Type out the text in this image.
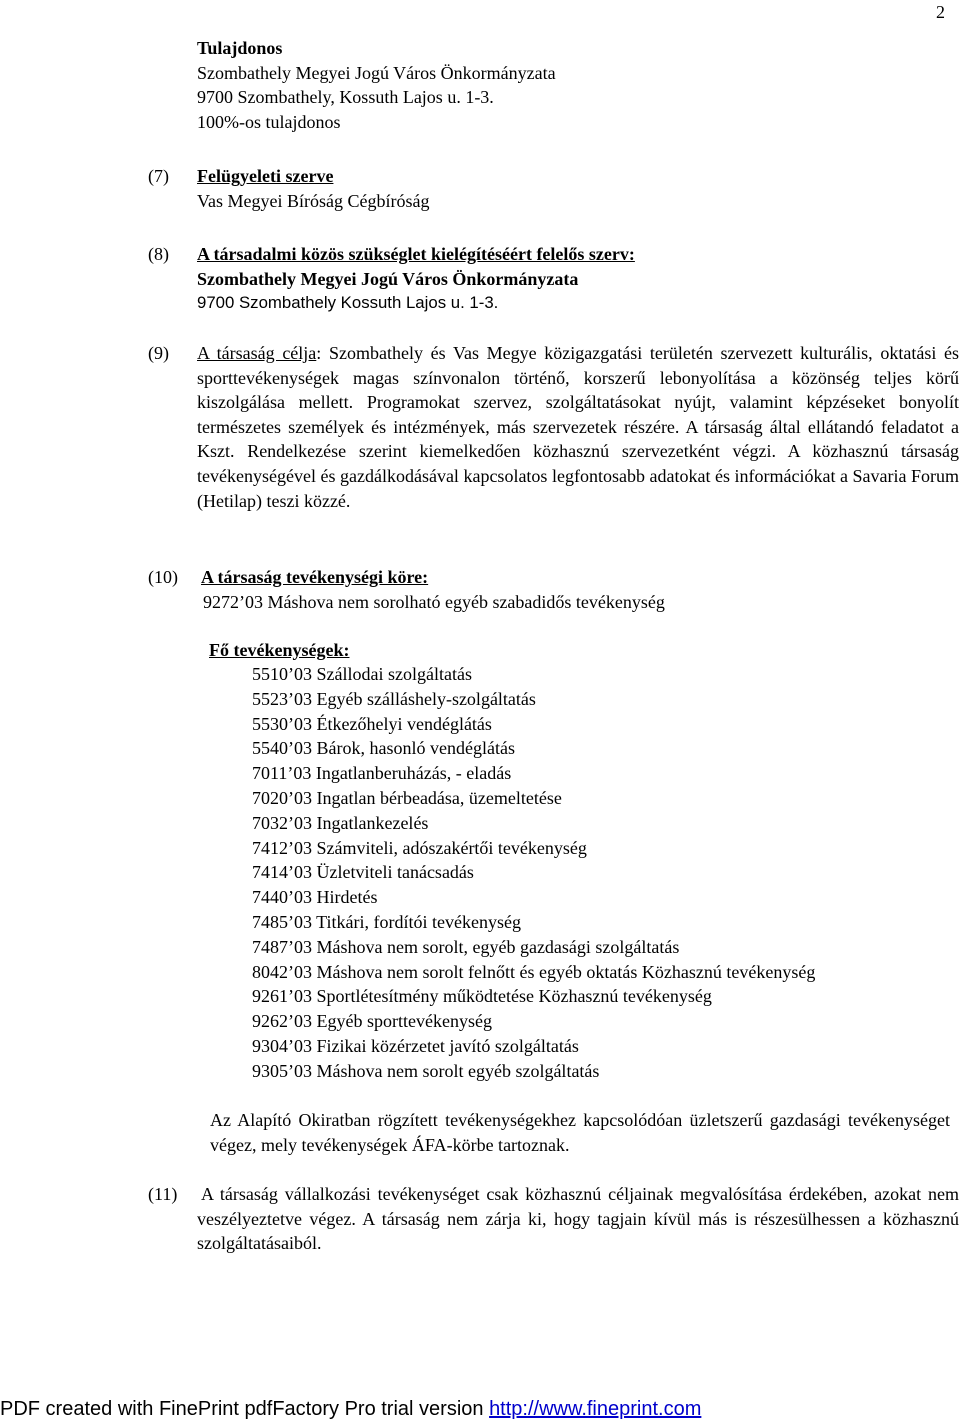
2
Tulajdonos
Szombathely Megyei Jogú Város Önkormányzata
9700 Szombathely, Kossuth Lajos u. 1-3.
100%-os tulajdonos
(7) Felügyeleti szerve
Vas Megyei Bíróság Cégbíróság
(8) A társadalmi közös szükséglet kielégítéséért felelős szerv:
Szombathely Megyei Jogú Város Önkormányzata
9700 Szombathely Kossuth Lajos u. 1-3.
(9) A társaság célja: Szombathely és Vas Megye közigazgatási területén szervezett kulturális, oktatási és sporttevékenységek magas színvonalon történő, korszerű lebonyolítása a közönség teljes körű kiszolgálása mellett. Programokat szervez, szolgáltatásokat nyújt, valamint képzéseket bonyolít természetes személyek és intézmények, más szervezetek részére. A társaság által ellátandó feladatot a Kszt. Rendelkezése szerint kiemelkedően közhasznú szervezetként végzi. A közhasznú társaság tevékenységével és gazdálkodásával kapcsolatos legfontosabb adatokat és információkat a Savaria Forum (Hetilap) teszi közzé.

(10) A társaság tevékenységi köre:
9272’03 Máshova nem sorolható egyéb szabadidős tevékenység
Fő tevékenységek:
5510’03 Szállodai szolgáltatás
5523’03 Egyéb szálláshely-szolgáltatás
5530’03 Étkezőhelyi vendéglátás
5540’03 Bárok, hasonló vendéglátás
7011’03 Ingatlanberuházás, - eladás
7020’03 Ingatlan bérbeadása, üzemeltetése
7032’03 Ingatlankezelés
7412’03 Számviteli, adószakértői tevékenység
7414’03 Üzletviteli tanácsadás
7440’03 Hirdetés
7485’03 Titkári, fordítói tevékenység
7487’03 Máshova nem sorolt, egyéb gazdasági szolgáltatás
8042’03 Máshova nem sorolt felnőtt és egyéb oktatás Közhasznú tevékenység
9261’03 Sportlétesítmény működtetése Közhasznú tevékenység
9262’03 Egyéb sporttevékenység
9304’03 Fizikai közérzetet javító szolgáltatás
9305’03 Máshova nem sorolt egyéb szolgáltatás

Az Alapító Okiratban rögzített tevékenységekhez kapcsolódóan üzletszerű gazdasági tevékenységet végez, mely tevékenységek ÁFA-körbe tartoznak.

(11) A társaság vállalkozási tevékenységet csak közhasznú céljainak megvalósítása érdekében, azokat nem veszélyeztetve végez. A társaság nem zárja ki, hogy tagjain kívül más is részesülhessen a közhasznú szolgáltatásaiból.

PDF created with FinePrint pdfFactory Pro trial version http://www.fineprint.com
